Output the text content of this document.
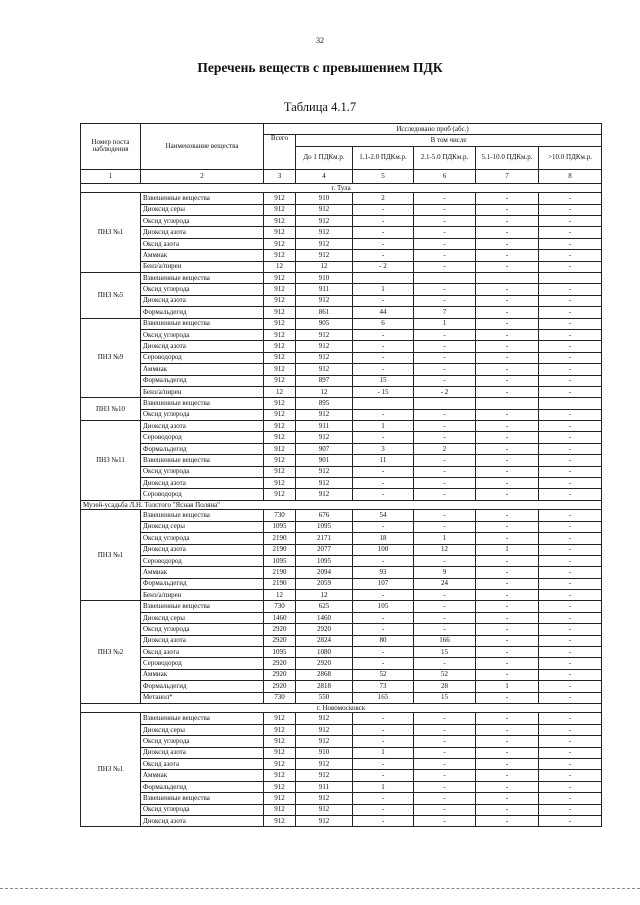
32
Перечень веществ с превышением ПДК
Таблица 4.1.7
Номер поста наблюдения	Наименование вещества	Исследовано проб (абс.)					
		Всего	В том числе				
			До 1 ПДКм.р.	1.1-2.0 ПДКм.р.	2.1-5.0 ПДКм.р.	5.1-10.0 ПДКм.р.	>10.0 ПДКм.р.
1	2	3	4	5	6	7	8
г. Тула							
ПНЗ №1	Взвешенные вещества	912	910	2	-	-	-
	Диоксид серы	912	912	-	-	-	-
	Оксид углерода	912	912	-	-	-	-
	Диоксид азота	912	912	-	-	-	-
	Оксид азота	912	912	-	-	-	-
	Аммиак	912	912	-	-	-	-
	Бенз/а/пирен	12	12	- 2	-	-	-
ПНЗ №5	Взвешенные вещества	912	910				
	Оксид углерода	912	911	1	-	-	-
	Диоксид азота	912	912	-	-	-	-
	Формальдегид	912	861	44	7	-	-
ПНЗ №9	Взвешенные вещества	912	905	6	1	-	-
	Оксид углерода	912	912	-	-	-	-
	Диоксид азота	912	912	-	-	-	-
	Сероводород	912	912	-	-	-	-
	Аммиак	912	912	-	-	-	-
	Формальдегид	912	897	15	-	-	-
	Бенз/а/пирен	12	12	- 15	- 2	-	-
ПНЗ №10	Взвешенные вещества	912	895				
	Оксид углерода	912	912	-	-	-	-
ПНЗ №11	Диоксид азота	912	911	1	-	-	-
	Сероводород	912	912	-	-	-	-
	Формальдегид	912	907	3	2	-	-
	Взвешенные вещества	912	901	11	-	-	-
	Оксид углерода	912	912	-	-	-	-
	Диоксид азота	912	912	-	-	-	-
	Сероводород	912	912	-	-	-	-
Музей-усадьба Л.Н. Толстого "Ясная Поляна"							
ПНЗ №1	Взвешенные вещества	730	676	54	-	-	-
	Диоксид серы	1095	1095	-	-	-	-
	Оксид углерода	2190	2171	18	1	-	-
	Диоксид азота	2190	2077	100	12	1	-
	Сероводород	1095	1095	-	-	-	-
	Аммиак	2190	2094	93	9	-	-
	Формальдегид	2190	2059	107	24	-	-
	Бенз/а/пирен	12	12	-	-	-	-
ПНЗ №2	Взвешенные вещества	730	625	105	-	-	-
	Диоксид серы	1460	1460	-	-	-	-
	Оксид углерода	2920	2920	-	-	-	-
	Диоксид азота	2920	2824	80	166	-	-
	Оксид азота	1095	1080	-	15	-	-
	Сероводород	2920	2920	-	-	-	-
	Аммиак	2920	2868	52	52	-	-
	Формальдегид	2920	2818	73	28	1	-
	Метанол*	730	550	165	15	-	-
г. Новомосковск							
ПНЗ №1	Взвешенные вещества	912	912	-	-	-	-
	Диоксид серы	912	912	-	-	-	-
	Оксид углерода	912	912	-	-	-	-
	Диоксид азота	912	910	1	-	-	-
	Оксид азота	912	912	-	-	-	-
	Аммиак	912	912	-	-	-	-
	Формальдегид	912	911	1	-	-	-
	Взвешенные вещества	912	912	-	-	-	-
	Оксид углерода	912	912	-	-	-	-
	Диоксид азота	912	912	-	-	-	-
